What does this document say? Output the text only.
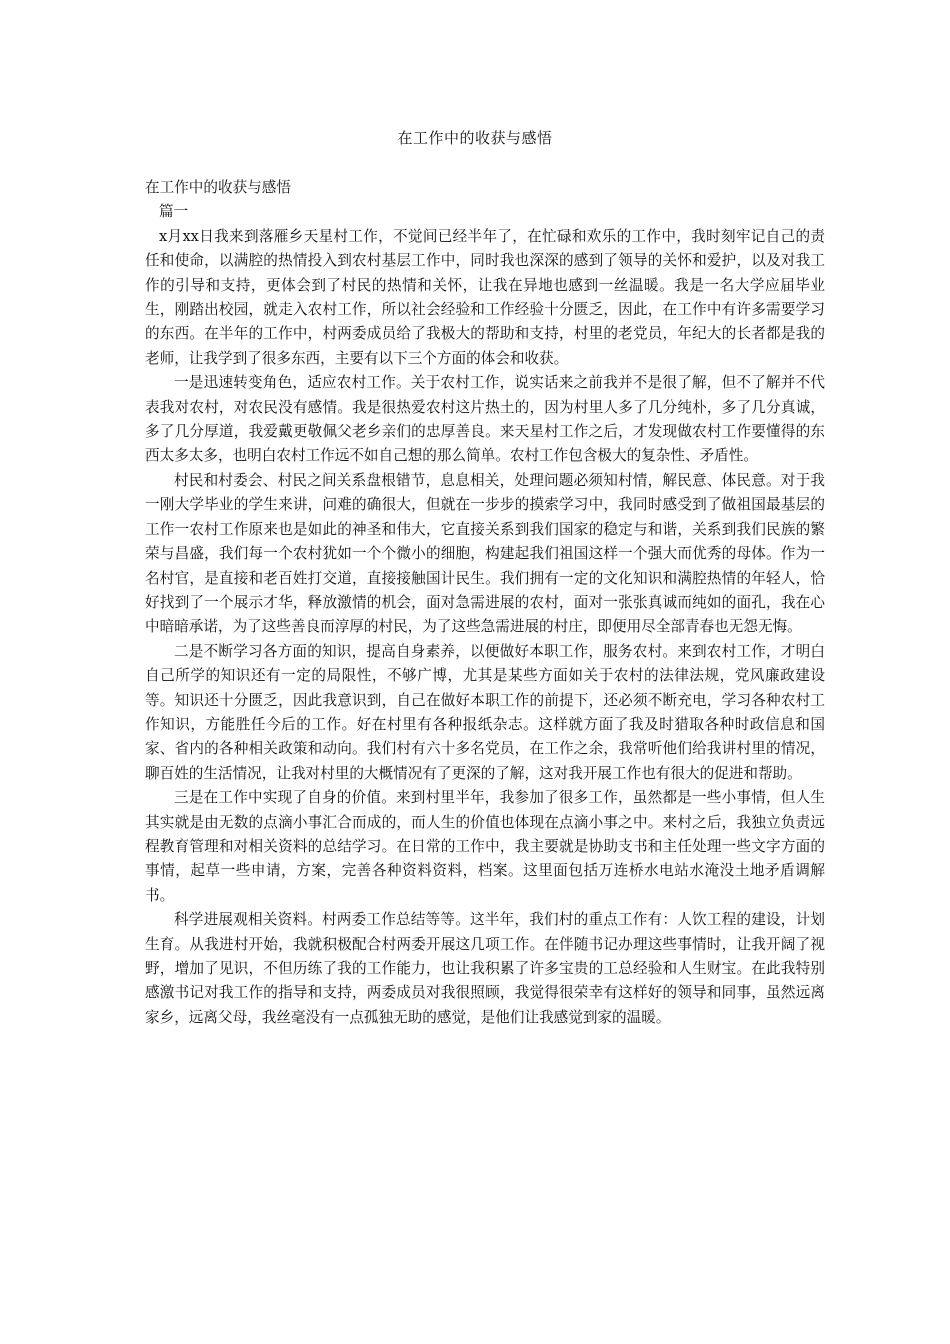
在工作中的收获与感悟

在工作中的收获与感悟

篇一

x月xx日我来到落雁乡天星村工作，不觉间已经半年了，在忙碌和欢乐的工作中，我时刻牢记自己的责任和使命，以满腔的热情投入到农村基层工作中，同时我也深深的感到了领导的关怀和爱护，以及对我工作的引导和支持，更体会到了村民的热情和关怀，让我在异地也感到一丝温暖。我是一名大学应届毕业生，刚踏出校园，就走入农村工作，所以社会经验和工作经验十分匮乏，因此，在工作中有许多需要学习的东西。在半年的工作中，村两委成员给了我极大的帮助和支持，村里的老党员，年纪大的长者都是我的老师，让我学到了很多东西，主要有以下三个方面的体会和收获。

一是迅速转变角色，适应农村工作。关于农村工作，说实话来之前我并不是很了解，但不了解并不代表我对农村，对农民没有感情。我是很热爱农村这片热土的，因为村里人多了几分纯朴，多了几分真诚，多了几分厚道，我爱戴更敬佩父老乡亲们的忠厚善良。来天星村工作之后，才发现做农村工作要懂得的东西太多太多，也明白农村工作远不如自己想的那么简单。农村工作包含极大的复杂性、矛盾性。

村民和村委会、村民之间关系盘根错节，息息相关，处理问题必须知村情，解民意、体民意。对于我一刚大学毕业的学生来讲，问难的确很大，但就在一步步的摸索学习中，我同时感受到了做祖国最基层的工作一农村工作原来也是如此的神圣和伟大，它直接关系到我们国家的稳定与和谐，关系到我们民族的繁荣与昌盛，我们每一个农村犹如一个个微小的细胞，构建起我们祖国这样一个强大而优秀的母体。作为一名村官，是直接和老百姓打交道，直接接触国计民生。我们拥有一定的文化知识和满腔热情的年轻人，恰好找到了一个展示才华，释放激情的机会，面对急需进展的农村，面对一张张真诚而纯如的面孔，我在心中暗暗承诺，为了这些善良而淳厚的村民，为了这些急需进展的村庄，即便用尽全部青春也无怨无悔。

二是不断学习各方面的知识，提高自身素养，以便做好本职工作，服务农村。来到农村工作，才明白自己所学的知识还有一定的局限性，不够广博，尤其是某些方面如关于农村的法律法规，党风廉政建设等。知识还十分匮乏，因此我意识到，自己在做好本职工作的前提下，还必须不断充电，学习各种农村工作知识，方能胜任今后的工作。好在村里有各种报纸杂志。这样就方面了我及时猎取各种时政信息和国家、省内的各种相关政策和动向。我们村有六十多名党员，在工作之余，我常听他们给我讲村里的情况，聊百姓的生活情况，让我对村里的大概情况有了更深的了解，这对我开展工作也有很大的促进和帮助。

三是在工作中实现了自身的价值。来到村里半年，我参加了很多工作，虽然都是一些小事情，但人生其实就是由无数的点滴小事汇合而成的，而人生的价值也体现在点滴小事之中。来村之后，我独立负责远程教育管理和对相关资料的总结学习。在日常的工作中，我主要就是协助支书和主任处理一些文字方面的事情，起草一些申请，方案，完善各种资料资料，档案。这里面包括万连桥水电站水淹没土地矛盾调解书。

科学进展观相关资料。村两委工作总结等等。这半年，我们村的重点工作有：人饮工程的建设，计划生育。从我进村开始，我就积极配合村两委开展这几项工作。在伴随书记办理这些事情时，让我开阔了视野，增加了见识，不但历练了我的工作能力，也让我积累了许多宝贵的工总经验和人生财宝。在此我特别感激书记对我工作的指导和支持，两委成员对我很照顾，我觉得很荣幸有这样好的领导和同事，虽然远离家乡，远离父母，我丝毫没有一点孤独无助的感觉，是他们让我感觉到家的温暖。
